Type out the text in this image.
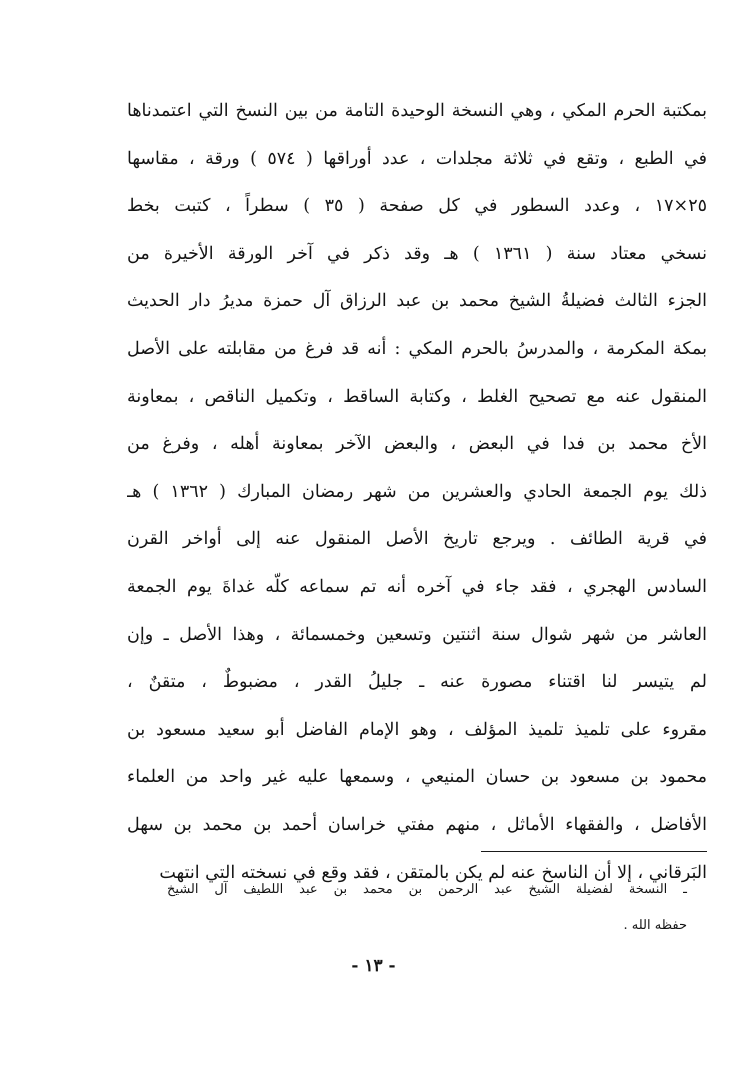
بمكتبة الحرم المكي ، وهي النسخة الوحيدة التامة من بين النسخ التي اعتمدناها
في الطبع ، وتقع في ثلاثة مجلدات ، عدد أوراقها ( ٥٧٤ ) ورقة ، مقاسها
٢٥×١٧ ، وعدد السطور في كل صفحة ( ٣٥ ) سطراً ، كتبت بخط
نسخي معتاد سنة ( ١٣٦١ ) هـ وقد ذكر في آخر الورقة الأخيرة من
الجزء الثالث فضيلةُ الشيخ محمد بن عبد الرزاق آل حمزة مديرُ دار الحديث
بمكة المكرمة ، والمدرسُ بالحرم المكي : أنه قد فرغ من مقابلته على الأصل
المنقول عنه مع تصحيح الغلط ، وكتابة الساقط ، وتكميل الناقص ، بمعاونة
الأخ محمد بن فدا في البعض ، والبعض الآخر بمعاونة أهله ، وفرغ من
ذلك يوم الجمعة الحادي والعشرين من شهر رمضان المبارك ( ١٣٦٢ ) هـ
في قرية الطائف . ويرجع تاريخ الأصل المنقول عنه إلى أواخر القرن
السادس الهجري ، فقد جاء في آخره أنه تم سماعه كلّه غداةَ يوم الجمعة
العاشر من شهر شوال سنة اثنتين وتسعين وخمسمائة ، وهذا الأصل ـ وإن
لم يتيسر لنا اقتناء مصورة عنه ـ جليلُ القدر ، مضبوطٌ ، متقنٌ ،
مقروء على تلميذ تلميذ المؤلف ، وهو الإمام الفاضل أبو سعيد مسعود بن
محمود بن مسعود بن حسان المنيعي ، وسمعها عليه غير واحد من العلماء
الأفاضل ، والفقهاء الأماثل ، منهم مفتي خراسان أحمد بن محمد بن سهل
البَرقاني ، إلا أن الناسخ عنه لم يكن بالمتقن ، فقد وقع في نسخته التي انتهت
ـ النسخة لفضيلة الشيخ عبد الرحمن بن محمد بن عبد اللطيف آل الشيخ
حفظه الله .
- ١٣ -
